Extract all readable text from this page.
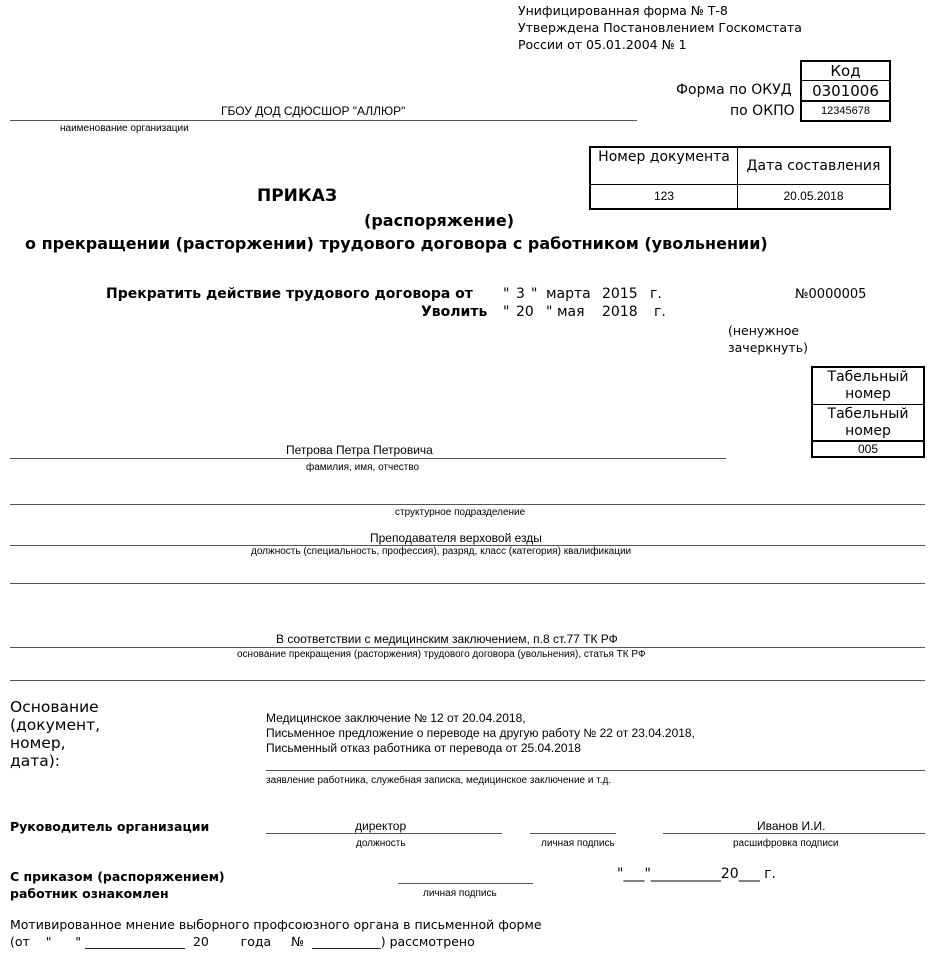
Унифицированная форма № Т-8
Утверждена Постановлением Госкомстата
России от 05.01.2004 № 1
Код
0301006
12345678
Форма по ОКУД
по ОКПО
ГБОУ ДОД СДЮСШОР "АЛЛЮР"
наименование организации
Номер документа
Дата составления
123	20.05.2018
ПРИКАЗ
(распоряжение)
о прекращении (расторжении) трудового договора с работником (увольнении)
Прекратить действие трудового договора от " 3 " марта 2015 г.	№0000005
Уволить " 20 " мая 2018 г.
(ненужное
зачеркнуть)
Табельный номер
Табельный номер
005
Петрова Петра Петровича
фамилия, имя, отчество
структурное подразделение
Преподавателя верховой езды
должность (специальность, профессия), разряд, класс (категория) квалификации
В соответствии с медицинским заключением, п.8 ст.77 ТК РФ
основание прекращения (расторжения) трудового договора (увольнения), статья ТК РФ
Основание
(документ,
номер,
дата):
Медицинское заключение № 12 от 20.04.2018,
Письменное предложение о переводе на другую работу № 22 от 23.04.2018,
Письменный отказ работника от перевода от 25.04.2018
заявление работника, служебная записка, медицинское заключение и т.д.
Руководитель организации	директор
должность	личная подпись
Иванов И.И.
расшифровка подписи
С приказом (распоряжением)
работник ознакомлен	личная подпись
"___"__________20___ г.
Мотивированное мнение выборного профсоюзного органа в письменной форме
(от    "      " ________________  20        года     №  ___________) рассмотрено
